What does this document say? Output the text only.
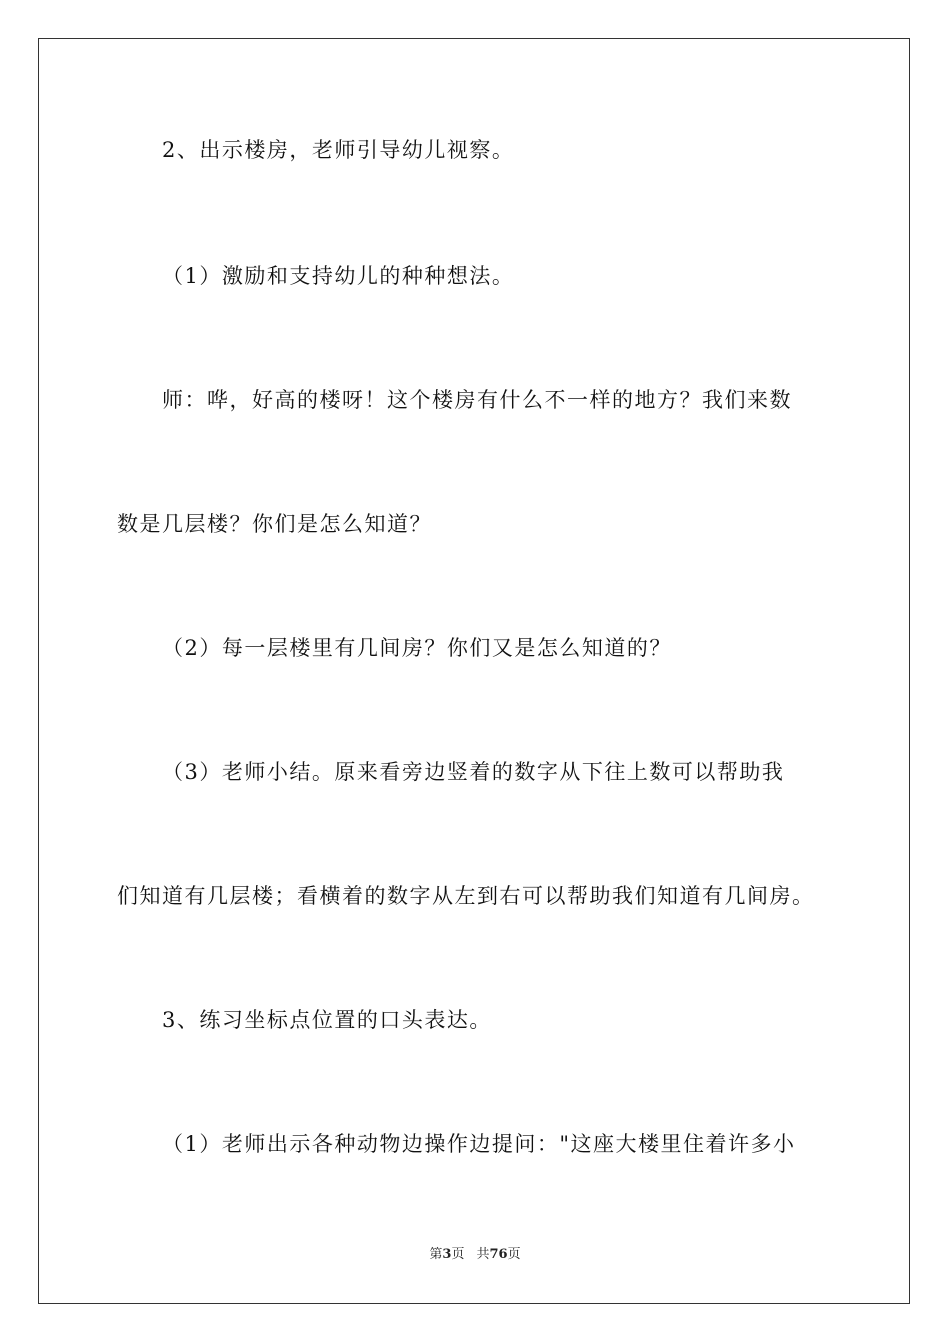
2、出示楼房，老师引导幼儿视察。
（1）激励和支持幼儿的种种想法。
师：哗，好高的楼呀！这个楼房有什么不一样的地方？我们来数
数是几层楼？你们是怎么知道？
（2）每一层楼里有几间房？你们又是怎么知道的？
（3）老师小结。原来看旁边竖着的数字从下往上数可以帮助我
们知道有几层楼；看横着的数字从左到右可以帮助我们知道有几间房。
3、练习坐标点位置的口头表达。
（1）老师出示各种动物边操作边提问："这座大楼里住着许多小
第3页 共76页
